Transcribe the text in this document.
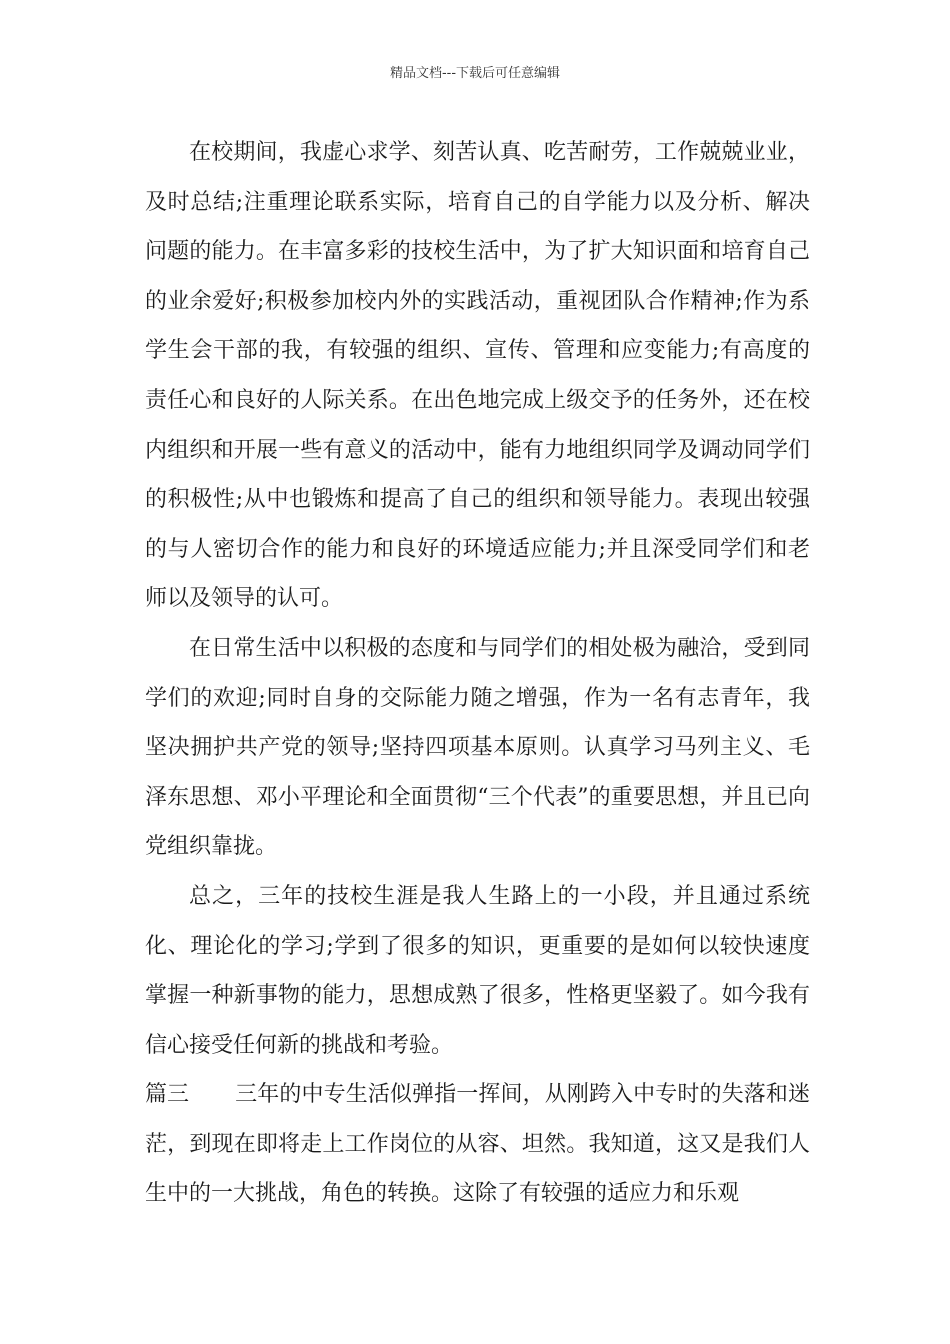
精品文档---下载后可任意编辑

在校期间，我虚心求学、刻苦认真、吃苦耐劳，工作兢兢业业，及时总结;注重理论联系实际，培育自己的自学能力以及分析、解决问题的能力。在丰富多彩的技校生活中，为了扩大知识面和培育自己的业余爱好;积极参加校内外的实践活动，重视团队合作精神;作为系学生会干部的我，有较强的组织、宣传、管理和应变能力;有高度的责任心和良好的人际关系。在出色地完成上级交予的任务外，还在校内组织和开展一些有意义的活动中，能有力地组织同学及调动同学们的积极性;从中也锻炼和提高了自己的组织和领导能力。表现出较强的与人密切合作的能力和良好的环境适应能力;并且深受同学们和老师以及领导的认可。

在日常生活中以积极的态度和与同学们的相处极为融洽，受到同学们的欢迎;同时自身的交际能力随之增强，作为一名有志青年，我坚决拥护共产党的领导;坚持四项基本原则。认真学习马列主义、毛泽东思想、邓小平理论和全面贯彻“三个代表”的重要思想，并且已向党组织靠拢。

总之，三年的技校生涯是我人生路上的一小段，并且通过系统化、理论化的学习;学到了很多的知识，更重要的是如何以较快速度掌握一种新事物的能力，思想成熟了很多，性格更坚毅了。如今我有信心接受任何新的挑战和考验。

篇三 三年的中专生活似弹指一挥间，从刚跨入中专时的失落和迷茫，到现在即将走上工作岗位的从容、坦然。我知道，这又是我们人生中的一大挑战，角色的转换。这除了有较强的适应力和乐观
